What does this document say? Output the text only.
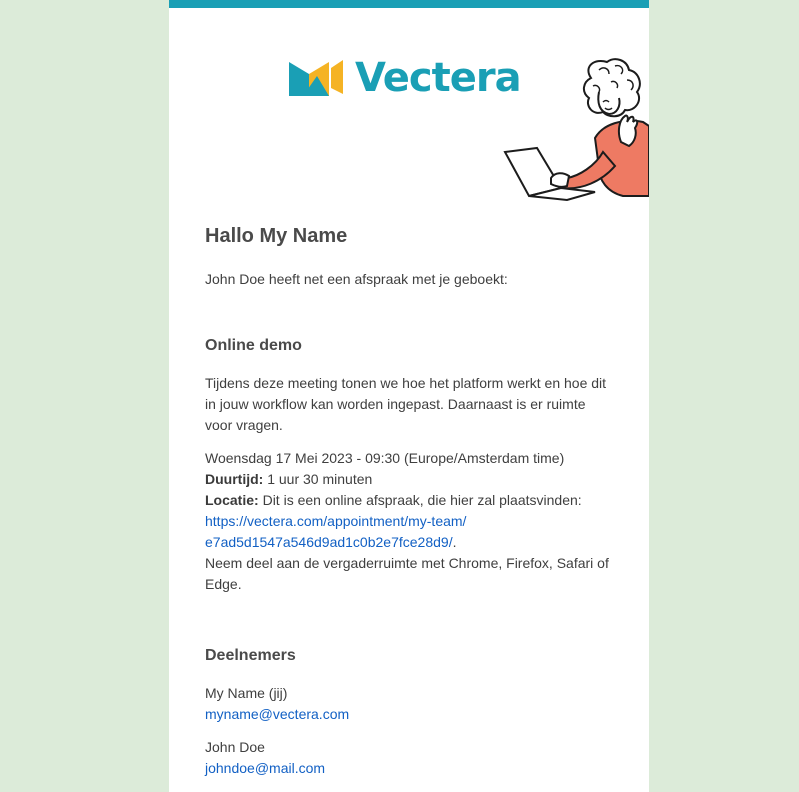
Vectera
Hallo My Name

John Doe heeft net een afspraak met je geboekt:

Online demo

Tijdens deze meeting tonen we hoe het platform werkt en hoe dit in jouw workflow kan worden ingepast. Daarnaast is er ruimte voor vragen.

Woensdag 17 Mei 2023 - 09:30 (Europe/Amsterdam time)
Duurtijd: 1 uur 30 minuten
Locatie: Dit is een online afspraak, die hier zal plaatsvinden:
https://vectera.com/appointment/my-team/
e7ad5d1547a546d9ad1c0b2e7fce28d9/.
Neem deel aan de vergaderruimte met Chrome, Firefox, Safari of Edge.

Deelnemers

My Name (jij)
myname@vectera.com

John Doe
johndoe@mail.com
